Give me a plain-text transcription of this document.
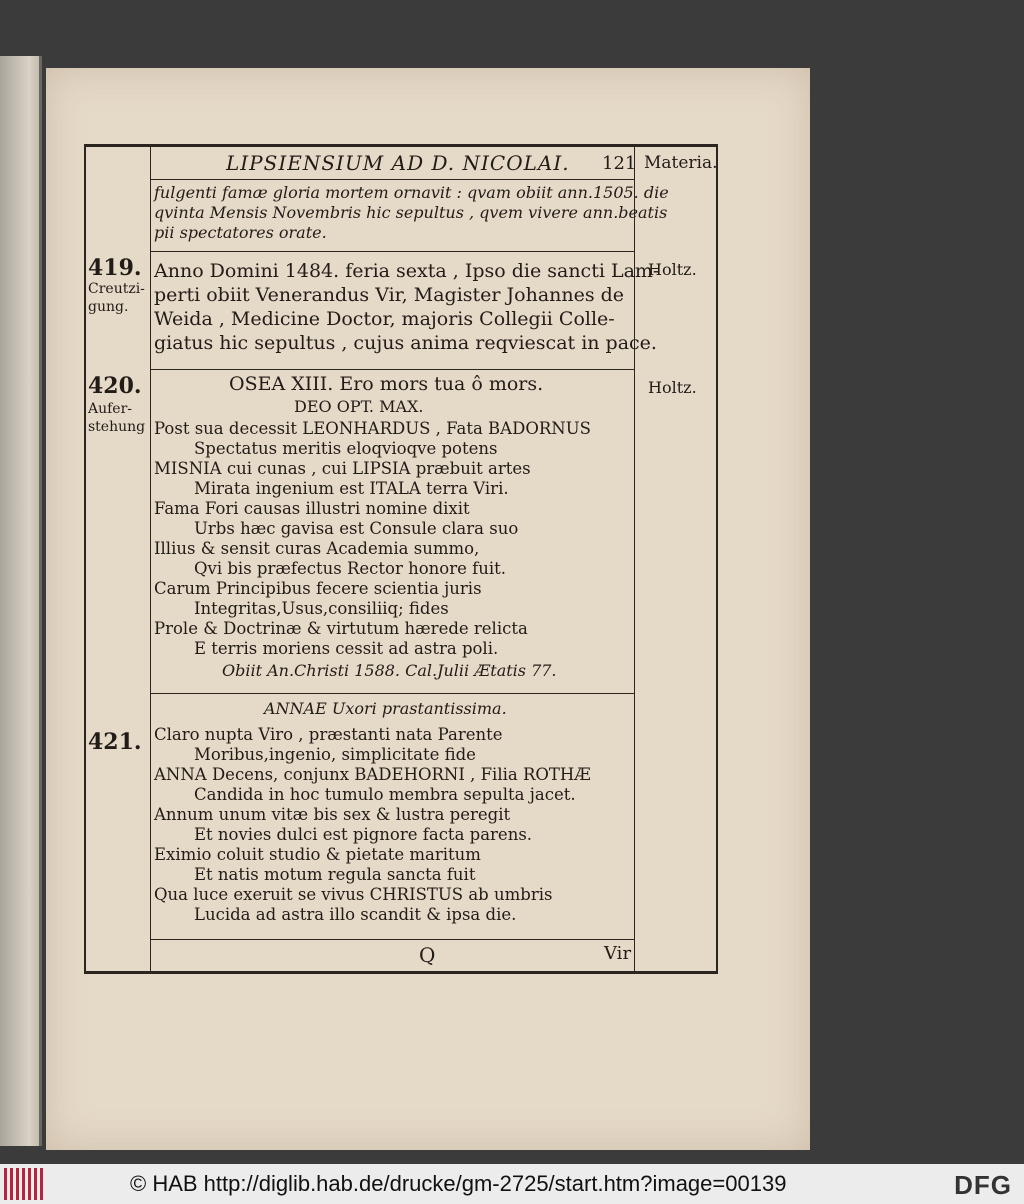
LIPSIENSIUM AD D. NICOLAI. 121 Materia.
fulgenti famæ gloria mortem ornavit : qvam obiit ann.1505. die
qvinta Mensis Novembris hic sepultus , qvem vivere ann.beatis
pii spectatores orate.
419.
Creutzi-
gung.
Holtz.
Anno Domini 1484. feria sexta , Ipso die sancti Lam-
perti obiit Venerandus Vir, Magister Johannes de
Weida , Medicine Doctor, majoris Collegii Colle-
giatus hic sepultus , cujus anima reqviescat in pace.
420.
Aufer-
stehung
Holtz.
OSEA XIII. Ero mors tua ô mors.
DEO OPT. MAX.
Post sua decessit LEONHARDUS , Fata BADORNUS
Spectatus meritis eloqvioqve potens
MISNIA cui cunas , cui LIPSIA præbuit artes
Mirata ingenium est ITALA terra Viri.
Fama Fori causas illustri nomine dixit
Urbs hæc gavisa est Consule clara suo
Illius & sensit curas Academia summo,
Qvi bis præfectus Rector honore fuit.
Carum Principibus fecere scientia juris
Integritas,Usus,consiliiq; fides
Prole & Doctrinæ & virtutum hærede relicta
E terris moriens cessit ad astra poli.
Obiit An.Christi 1588. Cal.Julii Ætatis 77.
ANNAE Uxori prastantissima.
421. Claro nupta Viro , præstanti nata Parente
Moribus,ingenio, simplicitate fide
ANNA Decens, conjunx BADEHORNI , Filia ROTHÆ
Candida in hoc tumulo membra sepulta jacet.
Annum unum vitæ bis sex & lustra peregit
Et novies dulci est pignore facta parens.
Eximio coluit studio & pietate maritum
Et natis motum regula sancta fuit
Qua luce exeruit se vivus CHRISTUS ab umbris
Lucida ad astra illo scandit & ipsa die.
Q	Vir
© HAB http://diglib.hab.de/drucke/gm-2725/start.htm?image=00139	DFG
